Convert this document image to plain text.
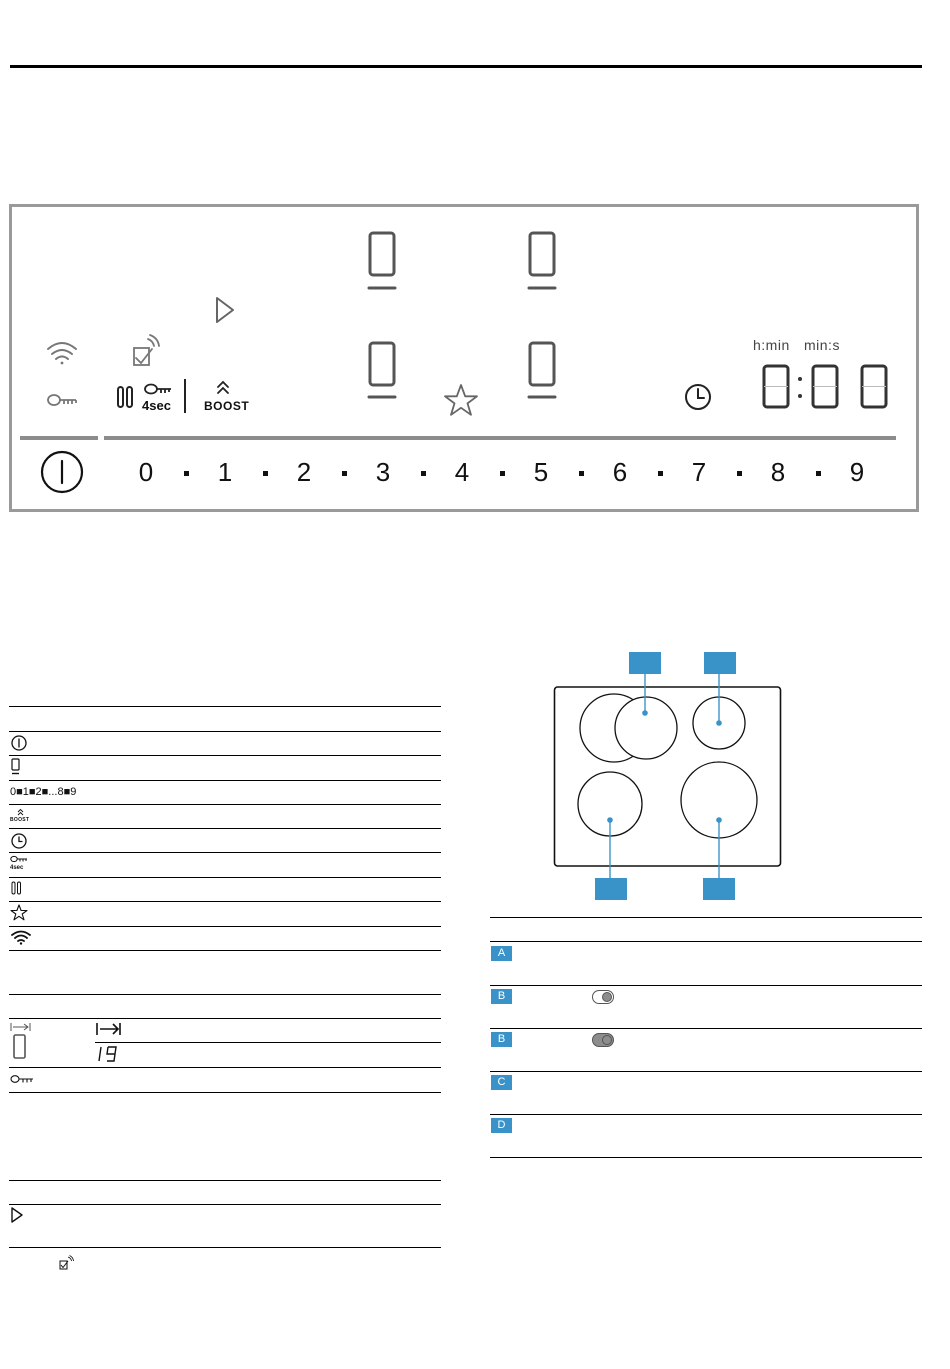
BOOST
4sec
h:min min:s
0 1 2 3 4 5 6 7 8 9
0■1■2■...8■9
BOOST
4sec
A
B
B
C
D
